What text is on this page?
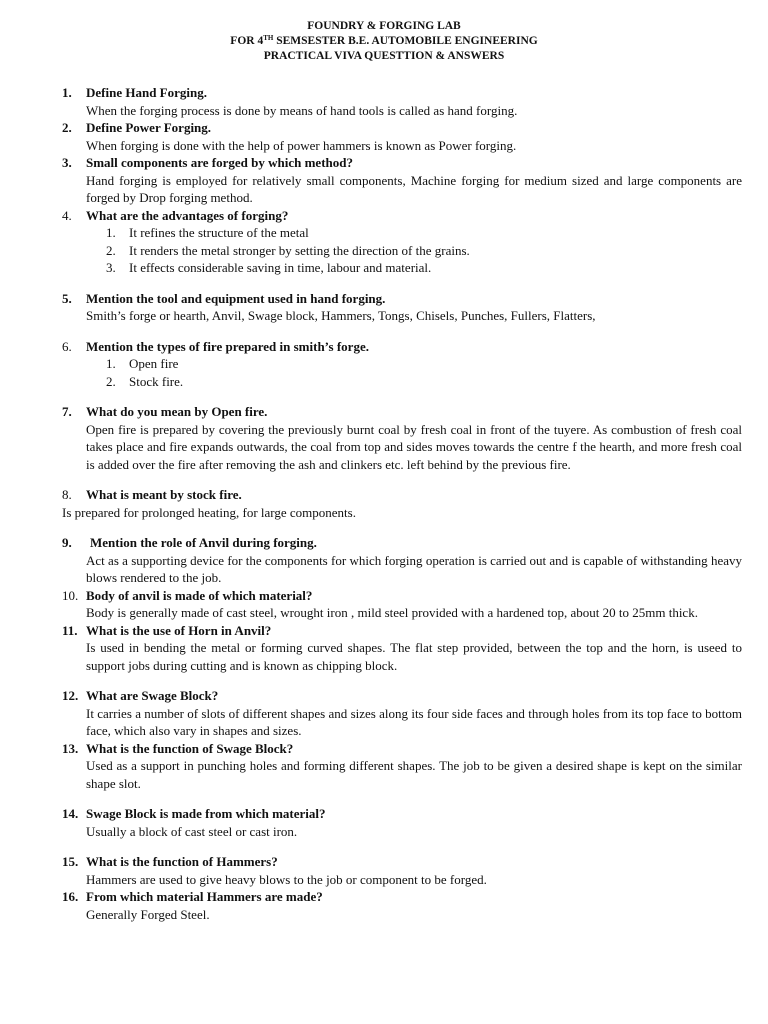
FOUNDRY & FORGING LAB
FOR 4TH SEMSESTER B.E. AUTOMOBILE ENGINEERING
PRACTICAL VIVA QUESTTION & ANSWERS
1. Define Hand Forging.
When the forging process is done by means of hand tools is called as hand forging.
2. Define Power Forging.
When forging is done with the help of power hammers is known as Power forging.
3. Small components are forged by which method?
Hand forging is employed for relatively small components, Machine forging for medium sized and large components are forged by Drop forging method.
4. What are the advantages of forging?
1. It refines the structure of the metal
2. It renders the metal stronger by setting the direction of the grains.
3. It effects considerable saving in time, labour and material.
5. Mention the tool and equipment used in hand forging.
Smith’s forge or hearth, Anvil, Swage block, Hammers, Tongs, Chisels, Punches, Fullers, Flatters,
6. Mention the types of fire prepared in smith’s forge.
1. Open fire
2. Stock fire.
7. What do you mean by Open fire.
Open fire is prepared by covering the previously burnt coal by fresh coal in front of the tuyere. As combustion of fresh coal takes place and fire expands outwards, the coal from top and sides moves towards the centre f the hearth, and more fresh coal is added over the fire after removing the ash and clinkers etc. left behind by the previous fire.
8. What is meant by stock fire.
Is prepared for prolonged heating, for large components.
9. Mention the role of Anvil during forging.
Act as a supporting device for the components for which forging operation is carried out and is capable of withstanding heavy blows rendered to the job.
10. Body of anvil is made of which material?
Body is generally made of cast steel, wrought iron , mild steel provided with a hardened top, about 20 to 25mm thick.
11. What is the use of Horn in Anvil?
Is used in bending the metal or forming curved shapes. The flat step provided, between the top and the horn, is useed to support jobs during cutting and is known as chipping block.
12. What are Swage Block?
It carries a number of slots of different shapes and sizes along its four side faces and through holes from its top face to bottom face, which also vary in shapes and sizes.
13. What is the function of Swage Block?
Used as a support in punching holes and forming different shapes. The job to be given a desired shape is kept on the similar shape slot.
14. Swage Block is made from which material?
Usually a block of cast steel or cast iron.
15. What is the function of Hammers?
Hammers are used to give heavy blows to the job or component to be forged.
16. From which material Hammers are made?
Generally Forged Steel.
